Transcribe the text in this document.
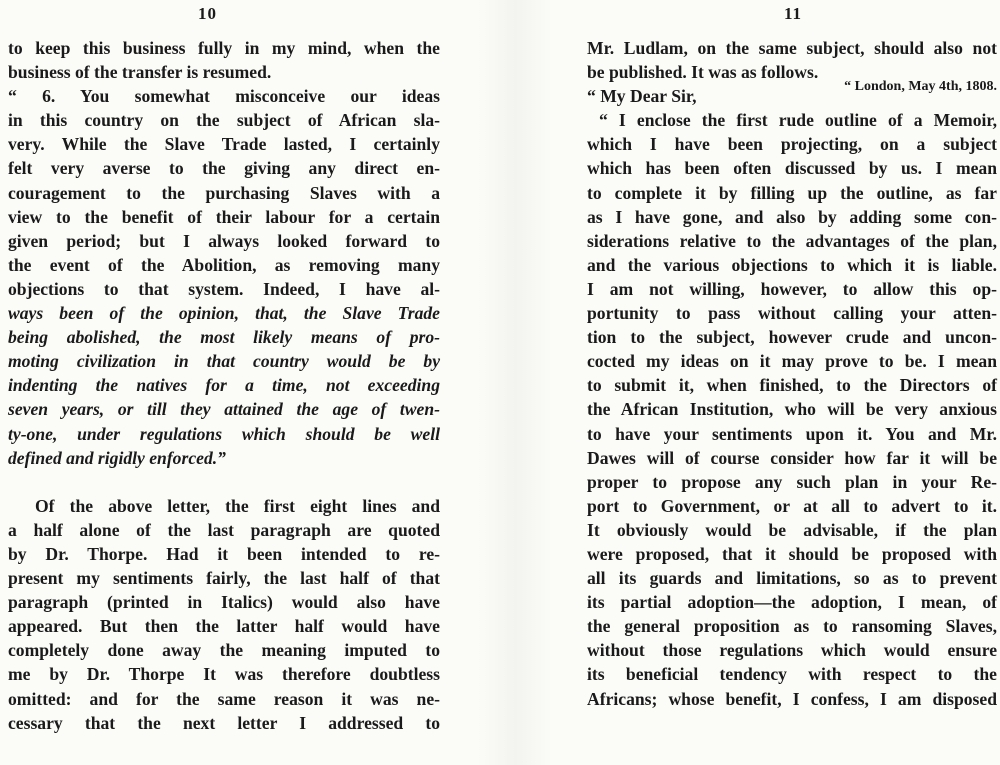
10
to keep this business fully in my mind, when the
business of the transfer is resumed.
“ 6. You somewhat misconceive our ideas
in this country on the subject of African sla-
very. While the Slave Trade lasted, I certainly
felt very averse to the giving any direct en-
couragement to the purchasing Slaves with a
view to the benefit of their labour for a certain
given period; but I always looked forward to
the event of the Abolition, as removing many
objections to that system. Indeed, I have al-
ways been of the opinion, that, the Slave Trade
being abolished, the most likely means of pro-
moting civilization in that country would be by
indenting the natives for a time, not exceeding
seven years, or till they attained the age of twen-
ty-one, under regulations which should be well
defined and rigidly enforced.”
Of the above letter, the first eight lines and
a half alone of the last paragraph are quoted
by Dr. Thorpe. Had it been intended to re-
present my sentiments fairly, the last half of that
paragraph (printed in Italics) would also have
appeared. But then the latter half would have
completely done away the meaning imputed to
me by Dr. Thorpe It was therefore doubtless
omitted: and for the same reason it was ne-
cessary that the next letter I addressed to
11
Mr. Ludlam, on the same subject, should also not
be published. It was as follows.
“ My Dear Sir,	“ London, May 4th, 1808.
“ I enclose the first rude outline of a Memoir,
which I have been projecting, on a subject
which has been often discussed by us. I mean
to complete it by filling up the outline, as far
as I have gone, and also by adding some con-
siderations relative to the advantages of the plan,
and the various objections to which it is liable.
I am not willing, however, to allow this op-
portunity to pass without calling your atten-
tion to the subject, however crude and uncon-
cocted my ideas on it may prove to be. I mean
to submit it, when finished, to the Directors of
the African Institution, who will be very anxious
to have your sentiments upon it. You and Mr.
Dawes will of course consider how far it will be
proper to propose any such plan in your Re-
port to Government, or at all to advert to it.
It obviously would be advisable, if the plan
were proposed, that it should be proposed with
all its guards and limitations, so as to prevent
its partial adoption—the adoption, I mean, of
the general proposition as to ransoming Slaves,
without those regulations which would ensure
its beneficial tendency with respect to the
Africans; whose benefit, I confess, I am disposed
